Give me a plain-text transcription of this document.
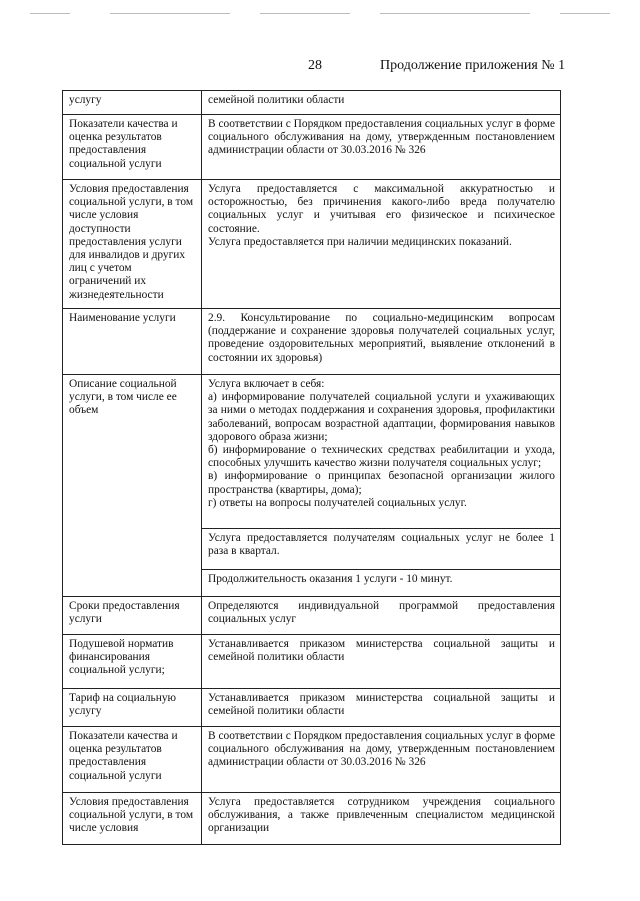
28	Продолжение приложения № 1
услугу	семейной политики области

Показатели качества и оценка результатов предоставления социальной услуги	В соответствии с Порядком предоставления социальных услуг в форме социального обслуживания на дому, утвержденным постановлением администрации области от 30.03.2016 № 326

Условия предоставления социальной услуги, в том числе условия доступности предоставления услуги для инвалидов и других лиц с учетом ограничений их жизнедеятельности	Услуга предоставляется с максимальной аккуратностью и осторожностью, без причинения какого-либо вреда получателю социальных услуг и учитывая его физическое и психическое состояние.
Услуга предоставляется при наличии медицинских показаний.

Наименование услуги	2.9. Консультирование по социально-медицинским вопросам (поддержание и сохранение здоровья получателей социальных услуг, проведение оздоровительных мероприятий, выявление отклонений в состоянии их здоровья)

Описание социальной услуги, в том числе ее объем	Услуга включает в себя:
а) информирование получателей социальной услуги и ухаживающих за ними о методах поддержания и сохранения здоровья, профилактики заболеваний, вопросам возрастной адаптации, формирования навыков здорового образа жизни;
б) информирование о технических средствах реабилитации и ухода, способных улучшить качество жизни получателя социальных услуг;
в) информирование о принципах безопасной организации жилого пространства (квартиры, дома);
г) ответы на вопросы получателей социальных услуг.

	Услуга предоставляется получателям социальных услуг не более 1 раза в квартал.

	Продолжительность оказания 1 услуги - 10 минут.

Сроки предоставления услуги	Определяются индивидуальной программой предоставления социальных услуг

Подушевой норматив финансирования социальной услуги;	Устанавливается приказом министерства социальной защиты и семейной политики области

Тариф на социальную услугу	Устанавливается приказом министерства социальной защиты и семейной политики области

Показатели качества и оценка результатов предоставления социальной услуги	В соответствии с Порядком предоставления социальных услуг в форме социального обслуживания на дому, утвержденным постановлением администрации области от 30.03.2016 № 326

Условия предоставления социальной услуги, в том числе условия	Услуга предоставляется сотрудником учреждения социального обслуживания, а также привлеченным специалистом медицинской организации
